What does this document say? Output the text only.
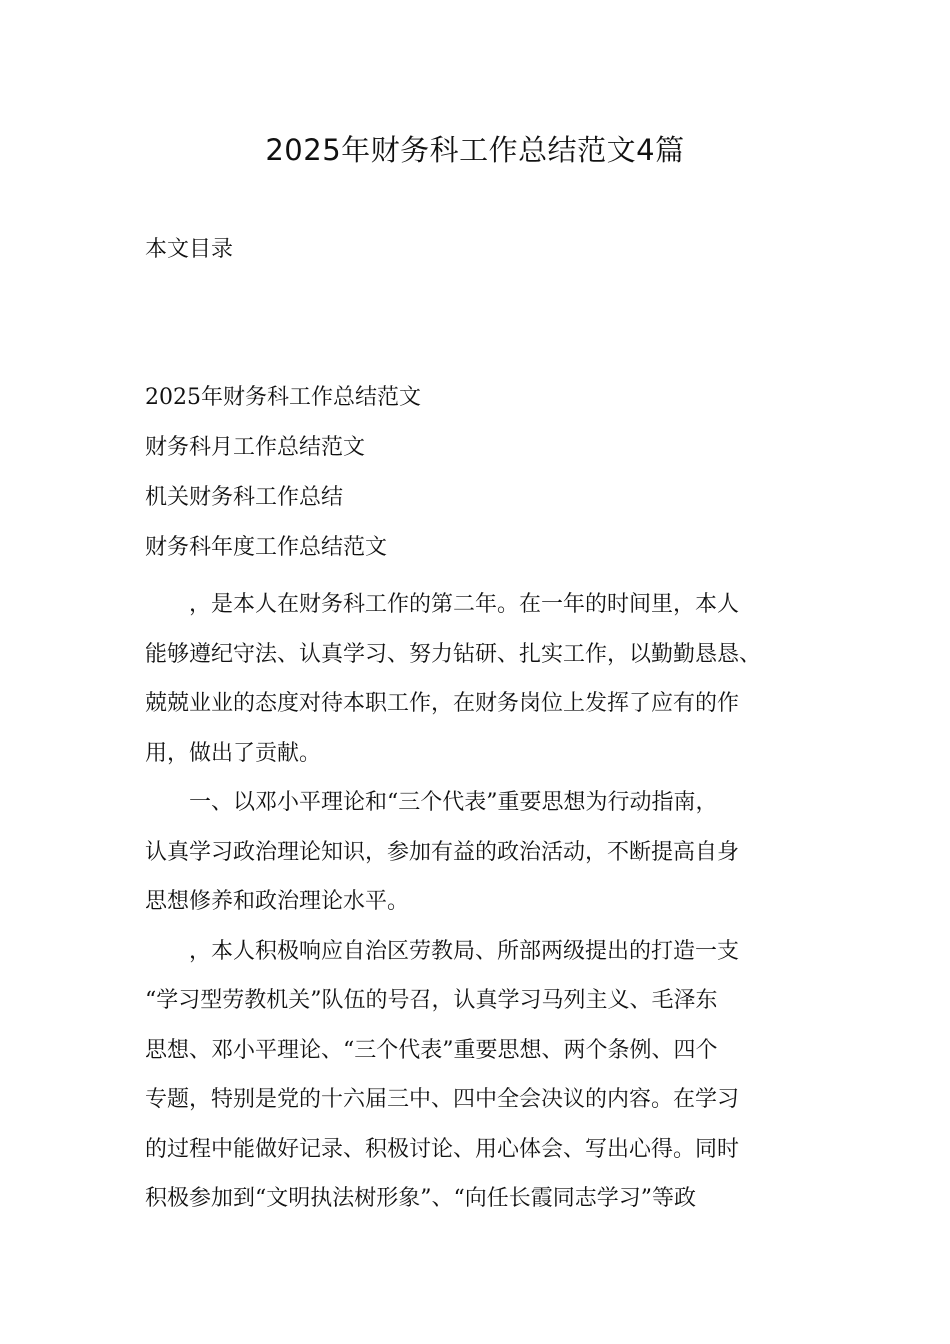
2025年财务科工作总结范文4篇
本文目录
2025年财务科工作总结范文
财务科月工作总结范文
机关财务科工作总结
财务科年度工作总结范文

，是本人在财务科工作的第二年。在一年的时间里，本人
能够遵纪守法、认真学习、努力钻研、扎实工作，以勤勤恳恳、
兢兢业业的态度对待本职工作，在财务岗位上发挥了应有的作
用，做出了贡献。

一、以邓小平理论和“三个代表”重要思想为行动指南，
认真学习政治理论知识，参加有益的政治活动，不断提高自身
思想修养和政治理论水平。

，本人积极响应自治区劳教局、所部两级提出的打造一支
“学习型劳教机关”队伍的号召，认真学习马列主义、毛泽东
思想、邓小平理论、“三个代表”重要思想、两个条例、四个
专题，特别是党的十六届三中、四中全会决议的内容。在学习
的过程中能做好记录、积极讨论、用心体会、写出心得。同时
积极参加到“文明执法树形象”、“向任长霞同志学习”等政
